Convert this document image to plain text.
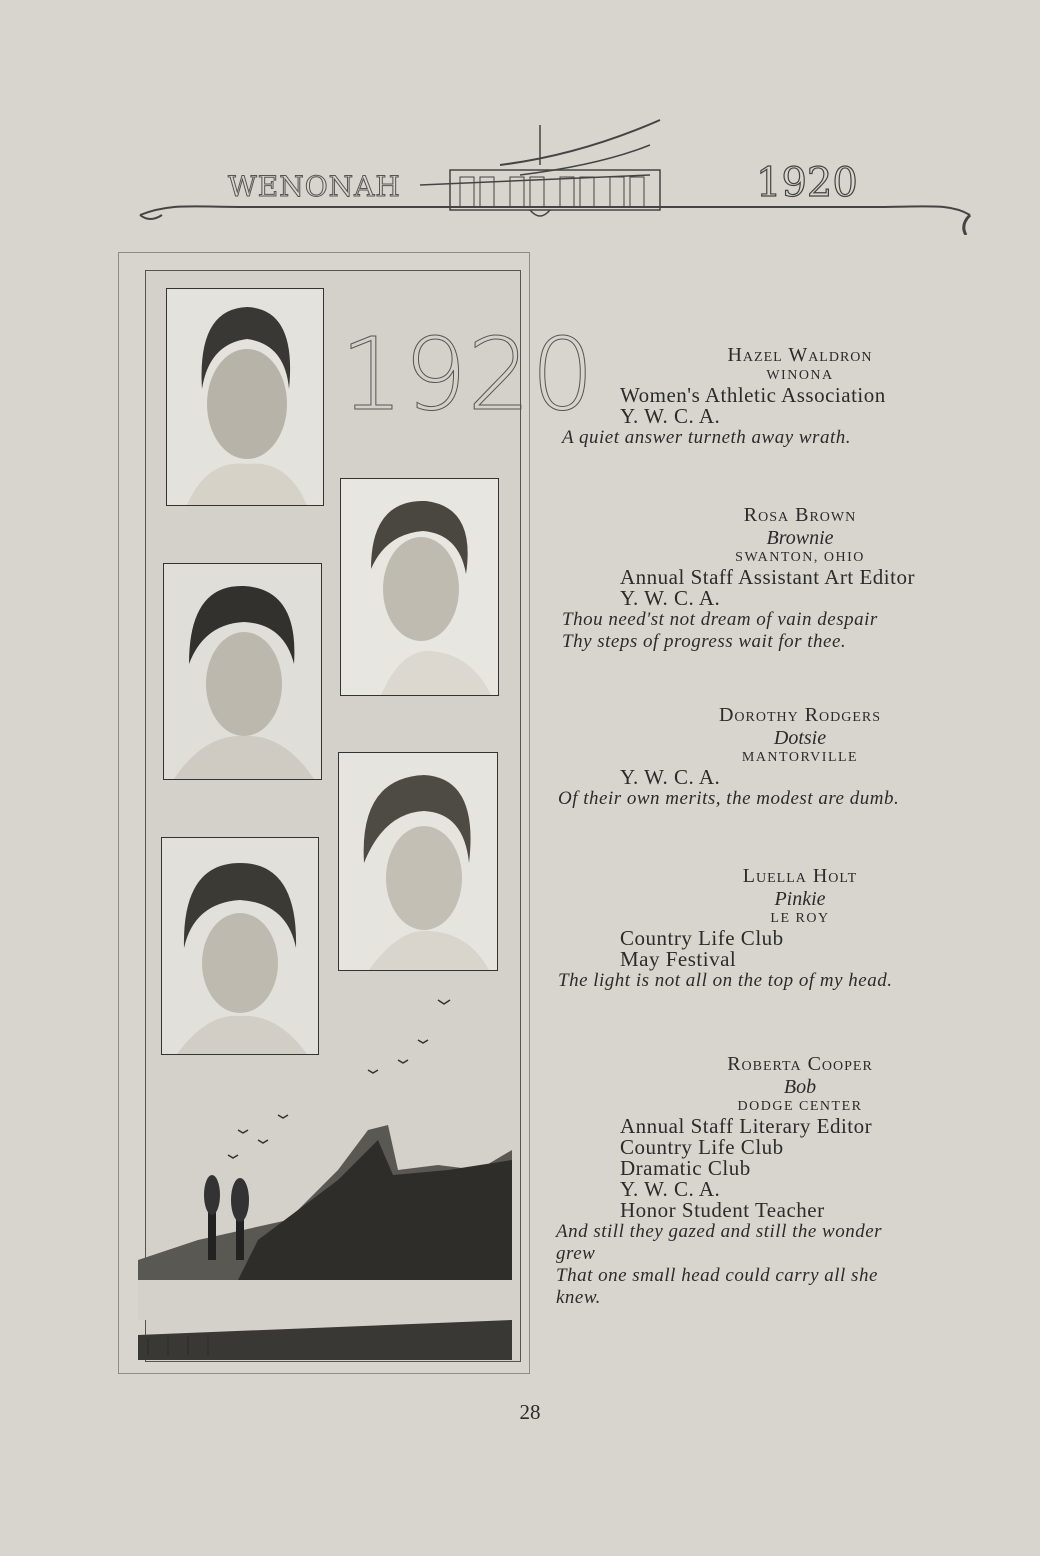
WENONAH	1920
1920	Hazel Waldron
WINONA
Women's Athletic Association
Y. W. C. A.
A quiet answer turneth away wrath.
Rosa Brown
Brownie
SWANTON, OHIO
Annual Staff Assistant Art Editor
Y. W. C. A.
Thou need'st not dream of vain despair
Thy steps of progress wait for thee.
Dorothy Rodgers
Dotsie
MANTORVILLE
Y. W. C. A.
Of their own merits, the modest are dumb.
Luella Holt
Pinkie
LE ROY
Country Life Club
May Festival
The light is not all on the top of my head.
Roberta Cooper
Bob
DODGE CENTER
Annual Staff Literary Editor
Country Life Club
Dramatic Club
Y. W. C. A.
Honor Student Teacher
And still they gazed and still the wonder
grew
That one small head could carry all she
knew.
28
